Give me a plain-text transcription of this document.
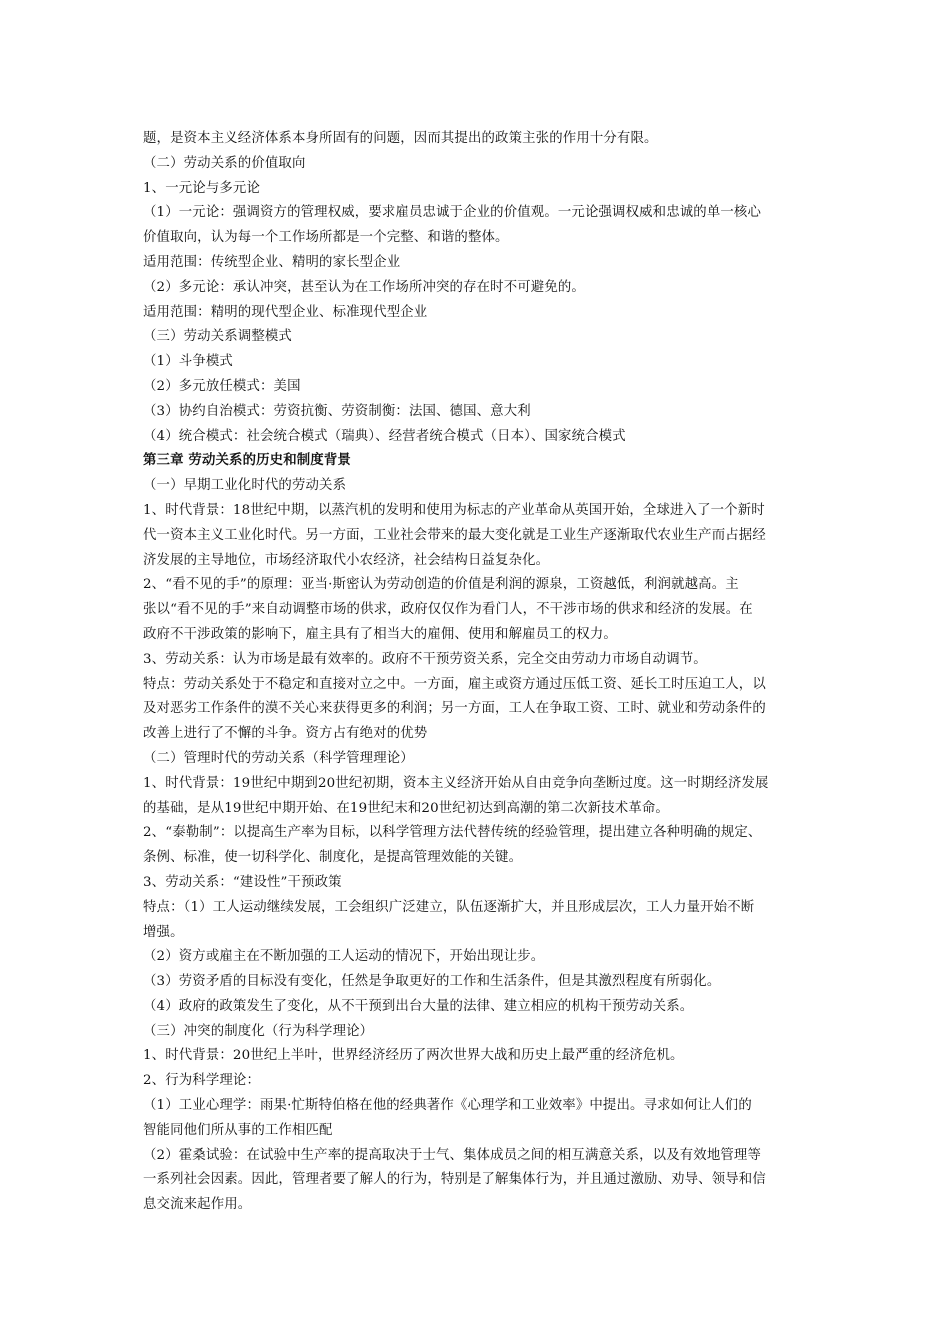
题，是资本主义经济体系本身所固有的问题，因而其提出的政策主张的作用十分有限。
（二）劳动关系的价值取向
1、一元论与多元论
（1）一元论：强调资方的管理权威，要求雇员忠诚于企业的价值观。一元论强调权威和忠诚的单一核心
价值取向，认为每一个工作场所都是一个完整、和谐的整体。
适用范围：传统型企业、精明的家长型企业
（2）多元论：承认冲突，甚至认为在工作场所冲突的存在时不可避免的。
适用范围：精明的现代型企业、标准现代型企业
（三）劳动关系调整模式
（1）斗争模式
（2）多元放任模式：美国
（3）协约自治模式：劳资抗衡、劳资制衡：法国、德国、意大利
（4）统合模式：社会统合模式（瑞典）、经营者统合模式（日本）、国家统合模式
第三章 劳动关系的历史和制度背景
（一）早期工业化时代的劳动关系
1、时代背景：18世纪中期，以蒸汽机的发明和使用为标志的产业革命从英国开始，全球进入了一个新时
代一资本主义工业化时代。另一方面，工业社会带来的最大变化就是工业生产逐渐取代农业生产而占据经
济发展的主导地位，市场经济取代小农经济，社会结构日益复杂化。
2、“看不见的手”的原理：亚当·斯密认为劳动创造的价值是利润的源泉，工资越低，利润就越高。主
张以“看不见的手”来自动调整市场的供求，政府仅仅作为看门人，不干涉市场的供求和经济的发展。在
政府不干涉政策的影响下，雇主具有了相当大的雇佣、使用和解雇员工的权力。
3、劳动关系：认为市场是最有效率的。政府不干预劳资关系，完全交由劳动力市场自动调节。
特点：劳动关系处于不稳定和直接对立之中。一方面，雇主或资方通过压低工资、延长工时压迫工人，以
及对恶劣工作条件的漠不关心来获得更多的利润；另一方面，工人在争取工资、工时、就业和劳动条件的
改善上进行了不懈的斗争。资方占有绝对的优势
（二）管理时代的劳动关系（科学管理理论）
1、时代背景：19世纪中期到20世纪初期，资本主义经济开始从自由竞争向垄断过度。这一时期经济发展
的基础，是从19世纪中期开始、在19世纪末和20世纪初达到高潮的第二次新技术革命。
2、“泰勒制”：以提高生产率为目标，以科学管理方法代替传统的经验管理，提出建立各种明确的规定、
条例、标准，使一切科学化、制度化，是提高管理效能的关键。
3、劳动关系：“建设性”干预政策
特点：（1）工人运动继续发展，工会组织广泛建立，队伍逐渐扩大，并且形成层次，工人力量开始不断
增强。
（2）资方或雇主在不断加强的工人运动的情况下，开始出现让步。
（3）劳资矛盾的目标没有变化，任然是争取更好的工作和生活条件，但是其激烈程度有所弱化。
（4）政府的政策发生了变化，从不干预到出台大量的法律、建立相应的机构干预劳动关系。
（三）冲突的制度化（行为科学理论）
1、时代背景：20世纪上半叶，世界经济经历了两次世界大战和历史上最严重的经济危机。
2、行为科学理论：
（1）工业心理学：雨果·忙斯特伯格在他的经典著作《心理学和工业效率》中提出。寻求如何让人们的
智能同他们所从事的工作相匹配
（2）霍桑试验：在试验中生产率的提高取决于士气、集体成员之间的相互满意关系，以及有效地管理等
一系列社会因素。因此，管理者要了解人的行为，特别是了解集体行为，并且通过激励、劝导、领导和信
息交流来起作用。
